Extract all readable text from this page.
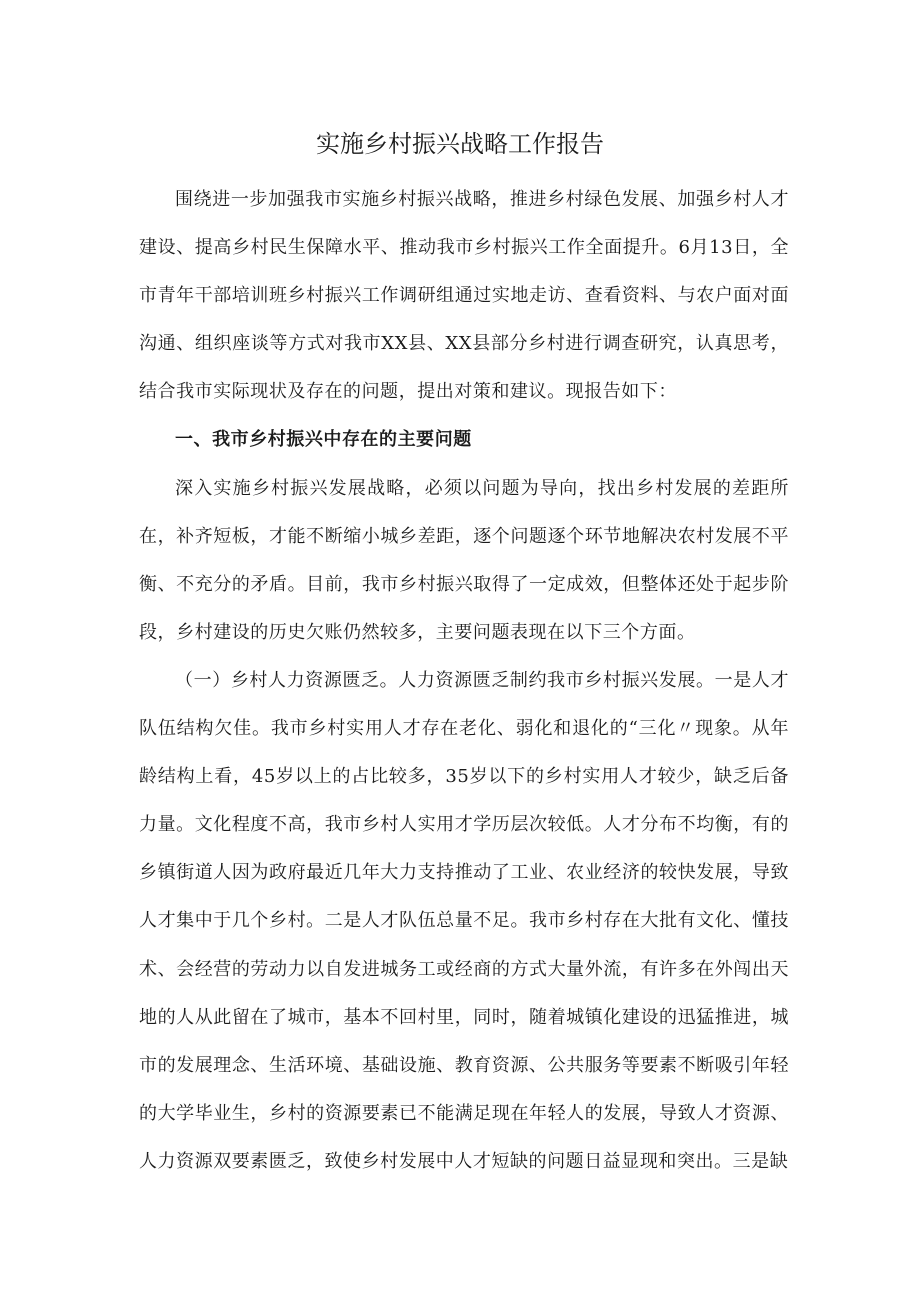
实施乡村振兴战略工作报告

围绕进一步加强我市实施乡村振兴战略，推进乡村绿色发展、加强乡村人才建设、提高乡村民生保障水平、推动我市乡村振兴工作全面提升。6月13日，全市青年干部培训班乡村振兴工作调研组通过实地走访、查看资料、与农户面对面沟通、组织座谈等方式对我市XX县、XX县部分乡村进行调查研究，认真思考，结合我市实际现状及存在的问题，提出对策和建议。现报告如下：

一、我市乡村振兴中存在的主要问题

深入实施乡村振兴发展战略，必须以问题为导向，找出乡村发展的差距所在，补齐短板，才能不断缩小城乡差距，逐个问题逐个环节地解决农村发展不平衡、不充分的矛盾。目前，我市乡村振兴取得了一定成效，但整体还处于起步阶段，乡村建设的历史欠账仍然较多，主要问题表现在以下三个方面。

（一）乡村人力资源匮乏。人力资源匮乏制约我市乡村振兴发展。一是人才队伍结构欠佳。我市乡村实用人才存在老化、弱化和退化的“三化〃现象。从年龄结构上看，45岁以上的占比较多，35岁以下的乡村实用人才较少，缺乏后备力量。文化程度不高，我市乡村人实用才学历层次较低。人才分布不均衡，有的乡镇街道人因为政府最近几年大力支持推动了工业、农业经济的较快发展，导致人才集中于几个乡村。二是人才队伍总量不足。我市乡村存在大批有文化、懂技术、会经营的劳动力以自发进城务工或经商的方式大量外流，有许多在外闯出天地的人从此留在了城市，基本不回村里，同时，随着城镇化建设的迅猛推进，城市的发展理念、生活环境、基础设施、教育资源、公共服务等要素不断吸引年轻的大学毕业生，乡村的资源要素已不能满足现在年轻人的发展，导致人才资源、人力资源双要素匮乏，致使乡村发展中人才短缺的问题日益显现和突出。三是缺
